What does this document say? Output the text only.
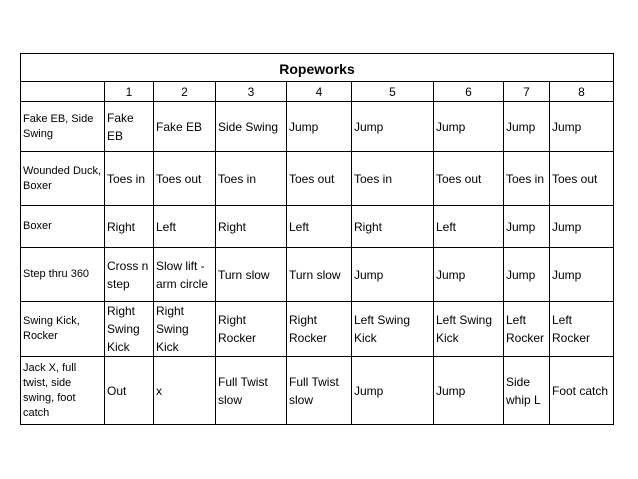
Ropeworks								
	1	2	3	4	5	6	7	8
Fake EB, Side Swing	Fake EB	Fake EB	Side Swing	Jump	Jump	Jump	Jump	Jump
Wounded Duck, Boxer	Toes in	Toes out	Toes in	Toes out	Toes in	Toes out	Toes in	Toes out
Boxer	Right	Left	Right	Left	Right	Left	Jump	Jump
Step thru 360	Cross n step	Slow lift - arm circle	Turn slow	Turn slow	Jump	Jump	Jump	Jump
Swing Kick, Rocker	Right Swing Kick	Right Swing Kick	Right Rocker	Right Rocker	Left Swing Kick	Left Swing Kick	Left Rocker	Left Rocker
Jack X, full twist, side swing, foot catch	Out	x	Full Twist slow	Full Twist slow	Jump	Jump	Side whip L	Foot catch
